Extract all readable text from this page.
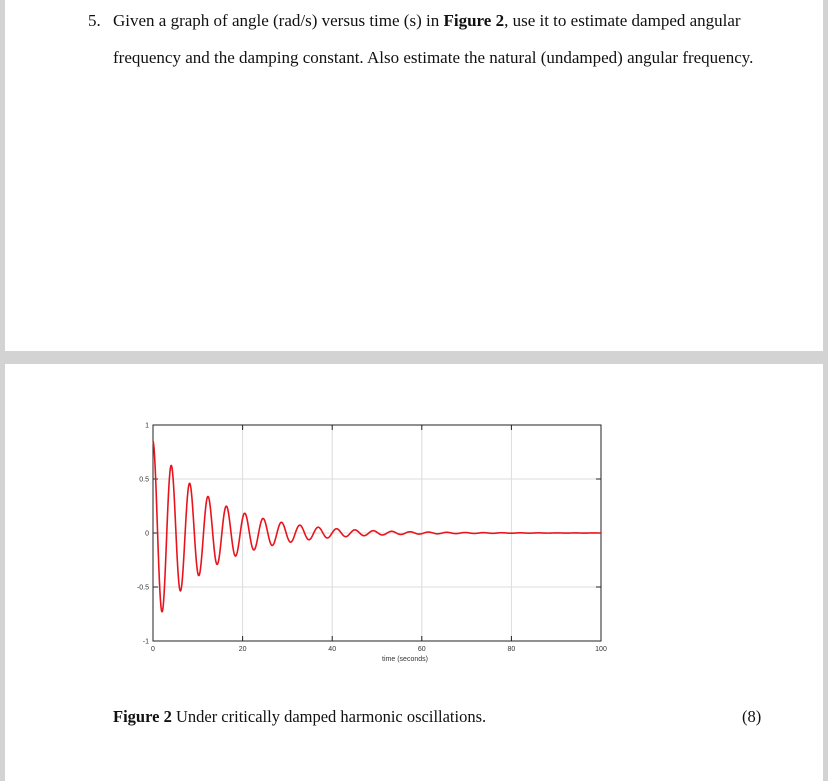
5. Given a graph of angle (rad/s) versus time (s) in Figure 2, use it to estimate damped angular
frequency and the damping constant. Also estimate the natural (undamped) angular frequency.
0	20	40	60	80	100
1
0.5
0
-0.5
-1
time (seconds)
Figure 2 Under critically damped harmonic oscillations.	(8)
